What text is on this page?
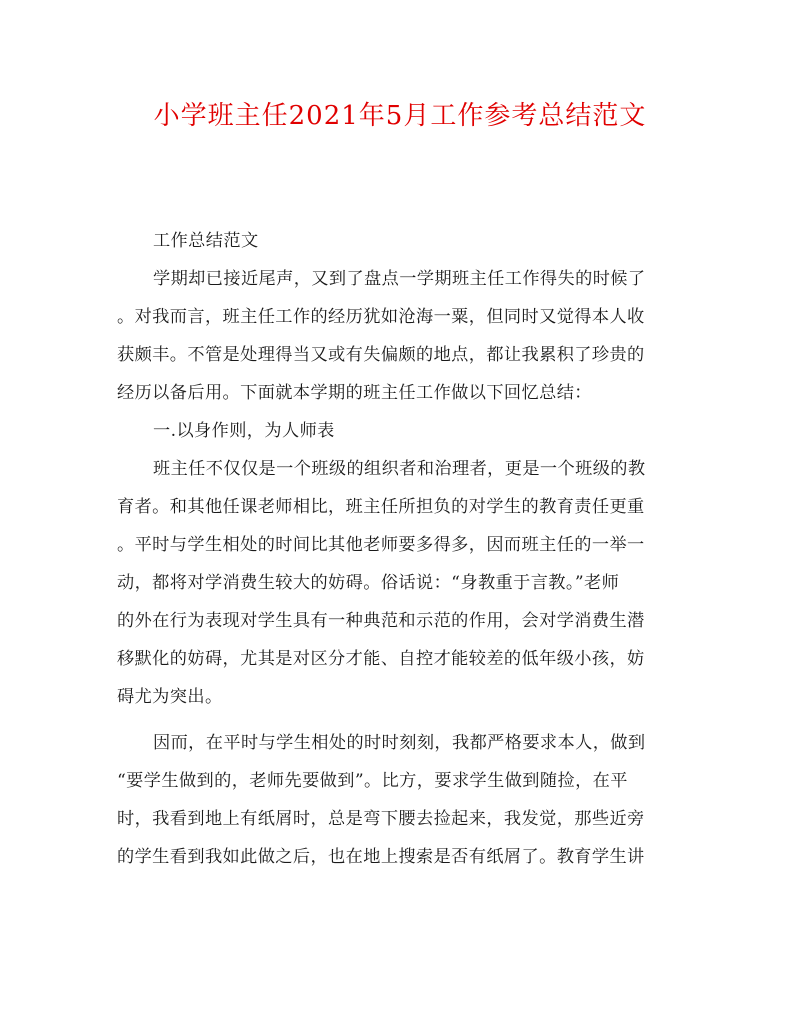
小学班主任2021年5月工作参考总结范文
工作总结范文
学期却已接近尾声，又到了盘点一学期班主任工作得失的时候了
。对我而言，班主任工作的经历犹如沧海一粟，但同时又觉得本人收
获颇丰。不管是处理得当又或有失偏颇的地点，都让我累积了珍贵的
经历以备后用。下面就本学期的班主任工作做以下回忆总结：
一.以身作则，为人师表
班主任不仅仅是一个班级的组织者和治理者，更是一个班级的教
育者。和其他任课老师相比，班主任所担负的对学生的教育责任更重
。平时与学生相处的时间比其他老师要多得多，因而班主任的一举一
动，都将对学消费生较大的妨碍。俗话说：“身教重于言教。”老师
的外在行为表现对学生具有一种典范和示范的作用，会对学消费生潜
移默化的妨碍，尤其是对区分才能、自控才能较差的低年级小孩，妨
碍尤为突出。
因而，在平时与学生相处的时时刻刻，我都严格要求本人，做到
“要学生做到的，老师先要做到”。比方，要求学生做到随捡，在平
时，我看到地上有纸屑时，总是弯下腰去捡起来，我发觉，那些近旁
的学生看到我如此做之后，也在地上搜索是否有纸屑了。教育学生讲
